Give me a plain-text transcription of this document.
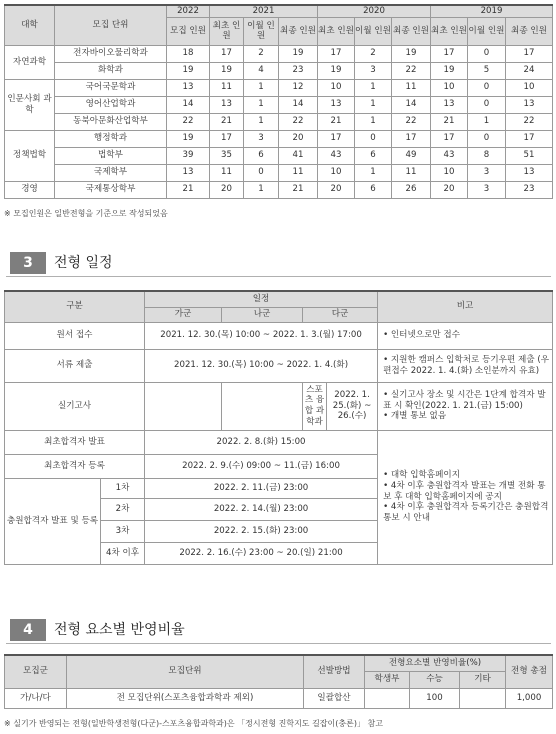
대학	모집 단위	2022	2021			2020			2019		
		모집 인원	최초 인원	이월 인원	최종 인원	최초 인원	이월 인원	최종 인원	최초 인원	이월 인원	최종 인원
자연과학	전자바이오물리학과	18	17	2	19	17	2	19	17	0	17
	화학과	19	19	4	23	19	3	22	19	5	24
인문사회 과학	국어국문학과	13	11	1	12	10	1	11	10	0	10
	영어산업학과	14	13	1	14	13	1	14	13	0	13
	동북아문화산업학부	22	21	1	22	21	1	22	21	1	22
정책법학	행정학과	19	17	3	20	17	0	17	17	0	17
	법학부	39	35	6	41	43	6	49	43	8	51
	국제학부	13	11	0	11	10	1	11	10	3	13
경영	국제통상학부	21	20	1	21	20	6	26	20	3	23
※ 모집인원은 일반전형을 기준으로 작성되었음
3	전형 일정
구분		일정				비고
		가군	나군	다군		
원서 접수		2021. 12. 30.(목) 10:00 ~ 2022. 1. 3.(월) 17:00				• 인터넷으로만 접수
서류 제출		2021. 12. 30.(목) 10:00 ~ 2022. 1. 4.(화)				• 지원한 캠퍼스 입학처로 등기우편 제출 (우편접수 2022. 1. 4.(화) 소인분까지 유효)
실기고사				스포츠 융합 과학과	2022. 1. 25.(화) ~ 26.(수)	• 실기고사 장소 및 시간은 1단계 합격자 발표 시 확인(2022. 1. 21.(금) 15:00)
• 개별 통보 없음
최초합격자 발표		2022. 2. 8.(화) 15:00				• 대학 입학홈페이지
• 4차 이후 충원합격자 발표는 개별 전화 통보 후 대학 입학홈페이지에 공지
• 4차 이후 충원합격자 등록기간은 충원합격 통보 시 안내
최초합격자 등록		2022. 2. 9.(수) 09:00 ~ 11.(금) 16:00				
충원합격자 발표 및 등록	1차	2022. 2. 11.(금) 23:00				
	2차	2022. 2. 14.(월) 23:00				
	3차	2022. 2. 15.(화) 23:00				
	4차 이후	2022. 2. 16.(수) 23:00 ~ 20.(일) 21:00				
4	전형 요소별 반영비율
모집군	모집단위	선발방법	전형요소별 반영비율(%)			전형 총점
			학생부	수능	기타	
가/나/다	전 모집단위(스포츠융합과학과 제외)	일괄합산		100		1,000
※ 실기가 반영되는 전형(일반학생전형(다군)-스포츠융합과학과)은 「정시전형 진학지도 길잡이(충론)」 참고
